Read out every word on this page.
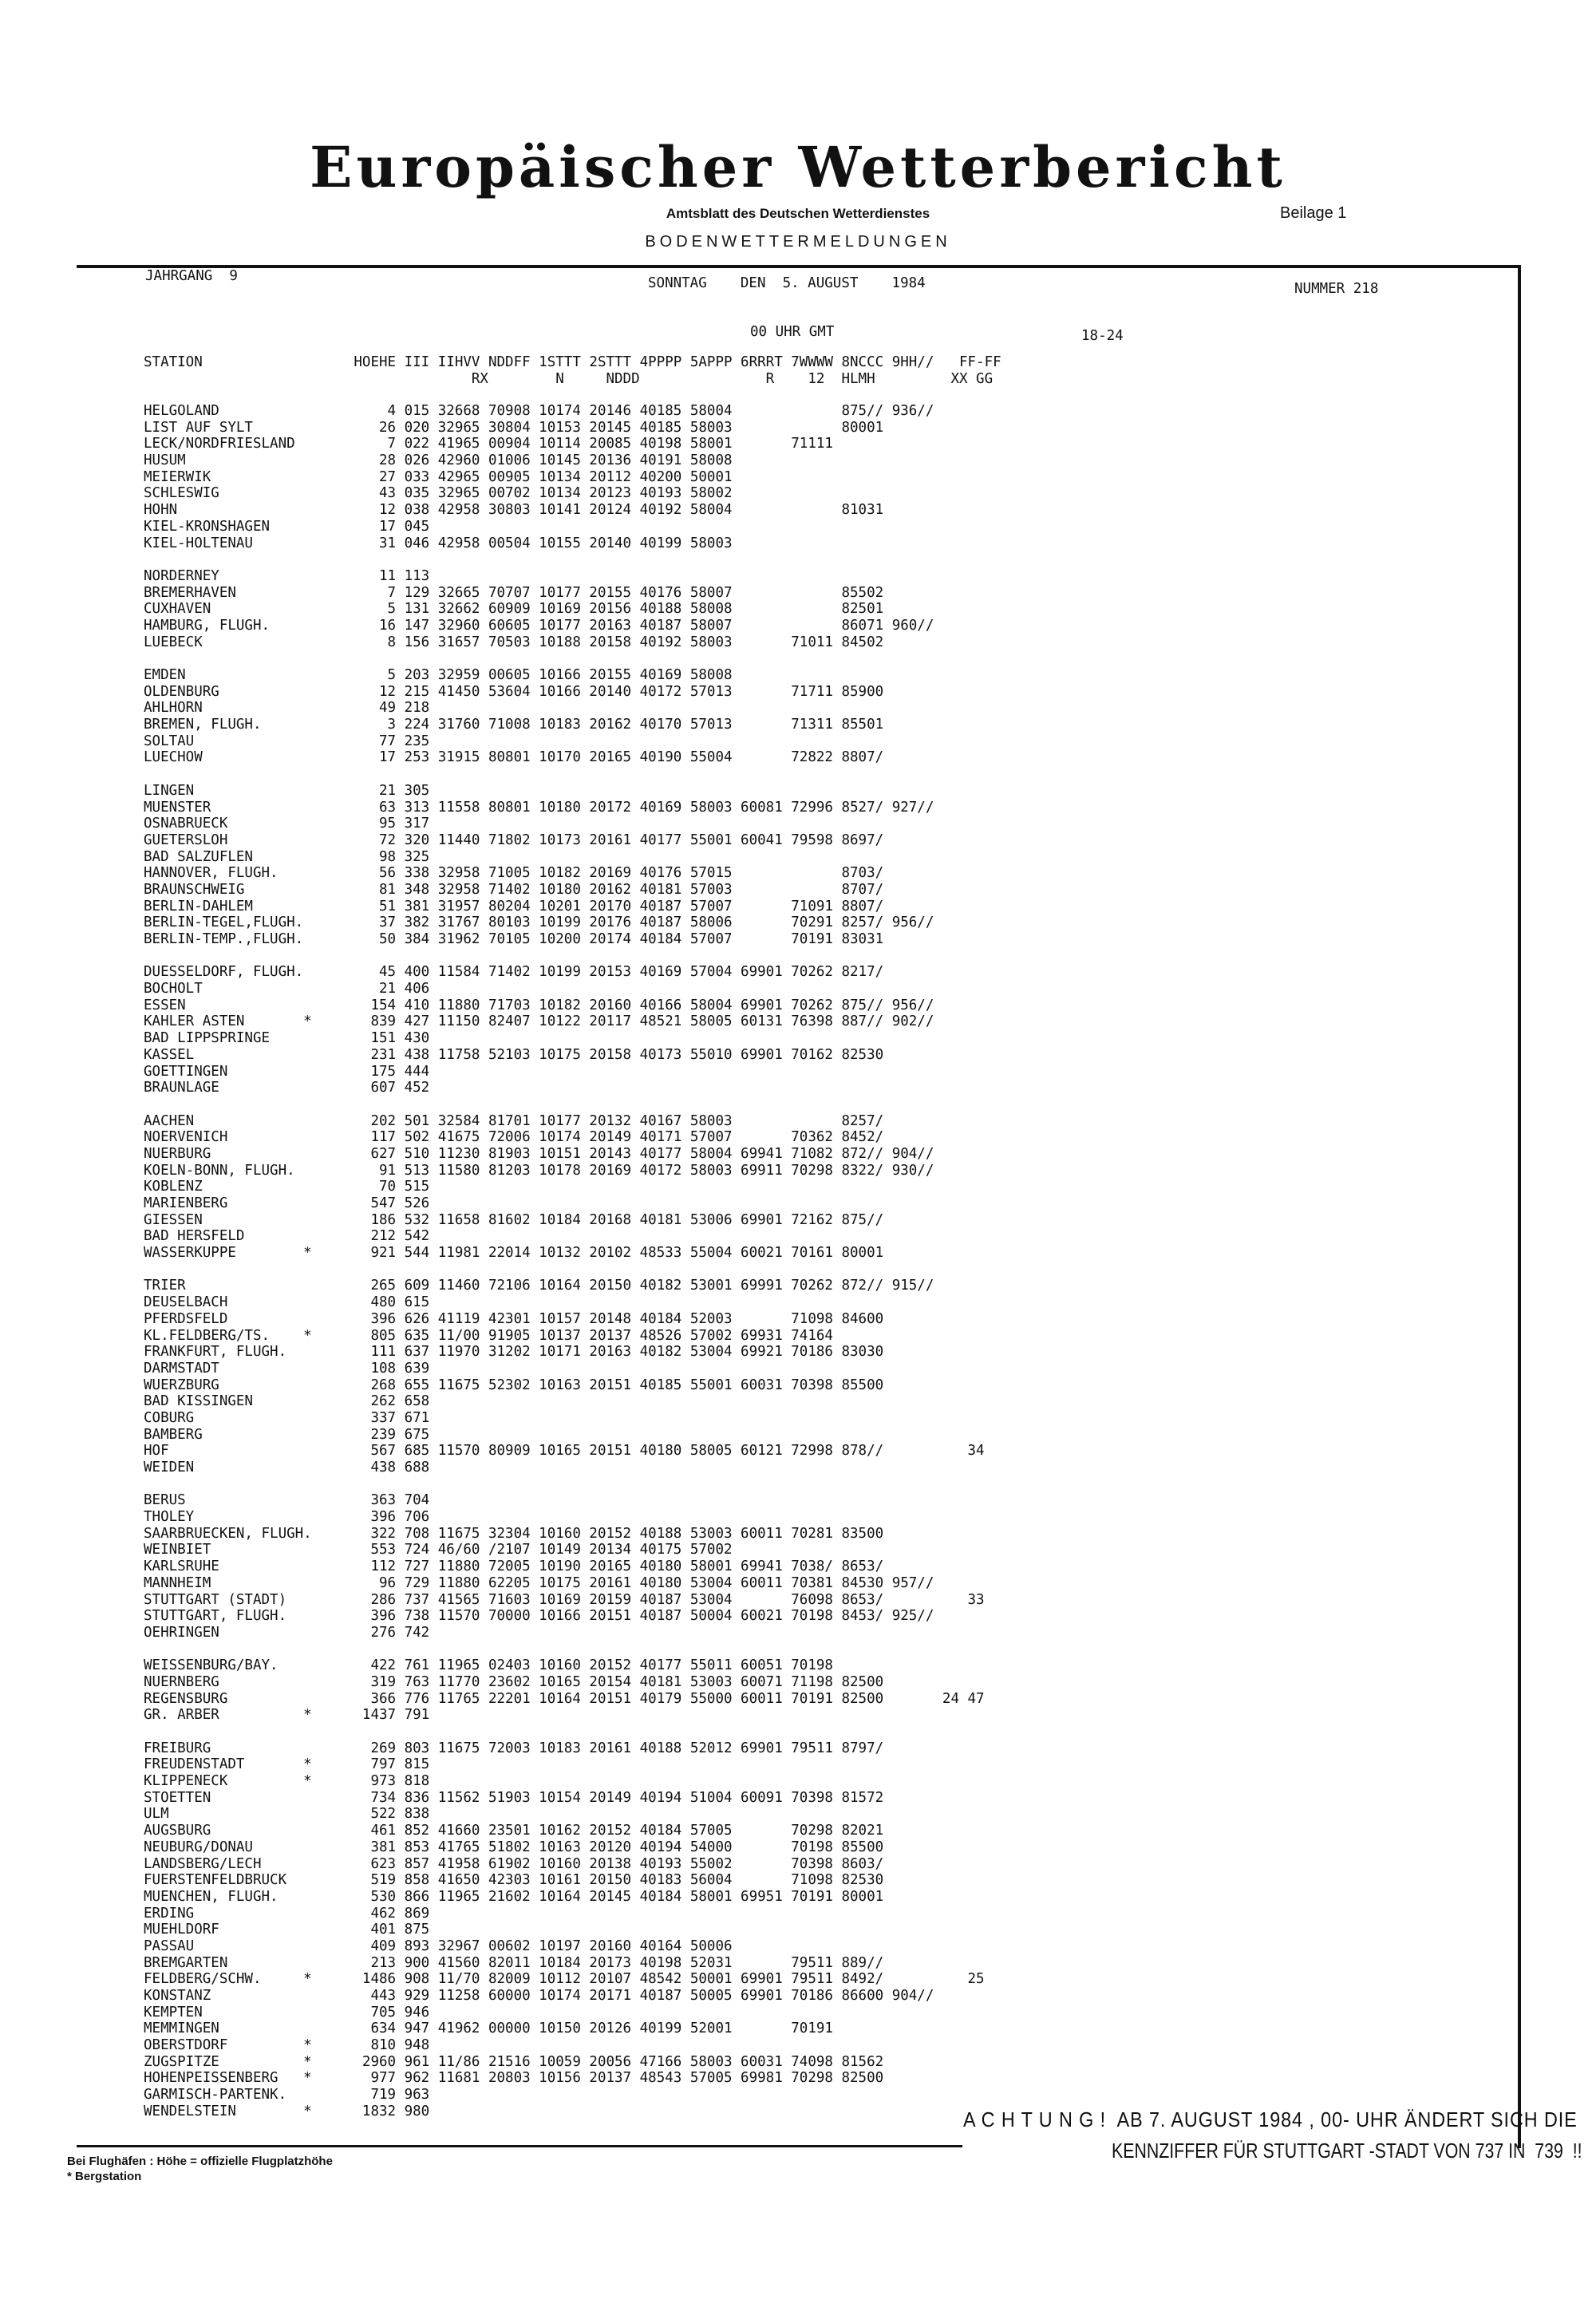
Europäischer Wetterbericht
Amtsblatt des Deutschen Wetterdienstes	Beilage 1
BODENWETTERMELDUNGEN
JAHRGANG  9	SONNTAG    DEN  5. AUGUST    1984	NUMMER 218
00 UHR GMT	18-24
STATION                  HOEHE III IIHVV NDDFF 1STTT 2STTT 4PPPP 5APPP 6RRRT 7WWWW 8NCCC 9HH//   FF-FF
RX        N     NDDD               R    12  HLMH         XX GG
HELGOLAND                    4 015 32668 70908 10174 20146 40185 58004             875// 936//
LIST AUF SYLT               26 020 32965 30804 10153 20145 40185 58003             80001
LECK/NORDFRIESLAND           7 022 41965 00904 10114 20085 40198 58001       71111
HUSUM                       28 026 42960 01006 10145 20136 40191 58008
MEIERWIK                    27 033 42965 00905 10134 20112 40200 50001
SCHLESWIG                   43 035 32965 00702 10134 20123 40193 58002
HOHN                        12 038 42958 30803 10141 20124 40192 58004             81031
KIEL-KRONSHAGEN             17 045
KIEL-HOLTENAU               31 046 42958 00504 10155 20140 40199 58003
NORDERNEY                   11 113
BREMERHAVEN                  7 129 32665 70707 10177 20155 40176 58007             85502
CUXHAVEN                     5 131 32662 60909 10169 20156 40188 58008             82501
HAMBURG, FLUGH.             16 147 32960 60605 10177 20163 40187 58007             86071 960//
LUEBECK                      8 156 31657 70503 10188 20158 40192 58003       71011 84502
EMDEN                        5 203 32959 00605 10166 20155 40169 58008
OLDENBURG                   12 215 41450 53604 10166 20140 40172 57013       71711 85900
AHLHORN                     49 218
BREMEN, FLUGH.               3 224 31760 71008 10183 20162 40170 57013       71311 85501
SOLTAU                      77 235
LUECHOW                     17 253 31915 80801 10170 20165 40190 55004       72822 8807/
LINGEN                      21 305
MUENSTER                    63 313 11558 80801 10180 20172 40169 58003 60081 72996 8527/ 927//
OSNABRUECK                  95 317
GUETERSLOH                  72 320 11440 71802 10173 20161 40177 55001 60041 79598 8697/
BAD SALZUFLEN               98 325
HANNOVER, FLUGH.            56 338 32958 71005 10182 20169 40176 57015             8703/
BRAUNSCHWEIG                81 348 32958 71402 10180 20162 40181 57003             8707/
BERLIN-DAHLEM               51 381 31957 80204 10201 20170 40187 57007       71091 8807/
BERLIN-TEGEL,FLUGH.         37 382 31767 80103 10199 20176 40187 58006       70291 8257/ 956//
BERLIN-TEMP.,FLUGH.         50 384 31962 70105 10200 20174 40184 57007       70191 83031
DUESSELDORF, FLUGH.         45 400 11584 71402 10199 20153 40169 57004 69901 70262 8217/
BOCHOLT                     21 406
ESSEN                      154 410 11880 71703 10182 20160 40166 58004 69901 70262 875// 956//
KAHLER ASTEN       *       839 427 11150 82407 10122 20117 48521 58005 60131 76398 887// 902//
BAD LIPPSPRINGE            151 430
KASSEL                     231 438 11758 52103 10175 20158 40173 55010 69901 70162 82530
GOETTINGEN                 175 444
BRAUNLAGE                  607 452
AACHEN                     202 501 32584 81701 10177 20132 40167 58003             8257/
NOERVENICH                 117 502 41675 72006 10174 20149 40171 57007       70362 8452/
NUERBURG                   627 510 11230 81903 10151 20143 40177 58004 69941 71082 872// 904//
KOELN-BONN, FLUGH.          91 513 11580 81203 10178 20169 40172 58003 69911 70298 8322/ 930//
KOBLENZ                     70 515
MARIENBERG                 547 526
GIESSEN                    186 532 11658 81602 10184 20168 40181 53006 69901 72162 875//
BAD HERSFELD               212 542
WASSERKUPPE        *       921 544 11981 22014 10132 20102 48533 55004 60021 70161 80001
TRIER                      265 609 11460 72106 10164 20150 40182 53001 69991 70262 872// 915//
DEUSELBACH                 480 615
PFERDSFELD                 396 626 41119 42301 10157 20148 40184 52003       71098 84600
KL.FELDBERG/TS.    *       805 635 11/00 91905 10137 20137 48526 57002 69931 74164
FRANKFURT, FLUGH.          111 637 11970 31202 10171 20163 40182 53004 69921 70186 83030
DARMSTADT                  108 639
WUERZBURG                  268 655 11675 52302 10163 20151 40185 55001 60031 70398 85500
BAD KISSINGEN              262 658
COBURG                     337 671
BAMBERG                    239 675
HOF                        567 685 11570 80909 10165 20151 40180 58005 60121 72998 878//          34
WEIDEN                     438 688
BERUS                      363 704
THOLEY                     396 706
SAARBRUECKEN, FLUGH.       322 708 11675 32304 10160 20152 40188 53003 60011 70281 83500
WEINBIET                   553 724 46/60 /2107 10149 20134 40175 57002
KARLSRUHE                  112 727 11880 72005 10190 20165 40180 58001 69941 7038/ 8653/
MANNHEIM                    96 729 11880 62205 10175 20161 40180 53004 60011 70381 84530 957//
STUTTGART (STADT)          286 737 41565 71603 10169 20159 40187 53004       76098 8653/          33
STUTTGART, FLUGH.          396 738 11570 70000 10166 20151 40187 50004 60021 70198 8453/ 925//
OEHRINGEN                  276 742
WEISSENBURG/BAY.           422 761 11965 02403 10160 20152 40177 55011 60051 70198
NUERNBERG                  319 763 11770 23602 10165 20154 40181 53003 60071 71198 82500
REGENSBURG                 366 776 11765 22201 10164 20151 40179 55000 60011 70191 82500       24 47
GR. ARBER          *      1437 791
FREIBURG                   269 803 11675 72003 10183 20161 40188 52012 69901 79511 8797/
FREUDENSTADT       *       797 815
KLIPPENECK         *       973 818
STOETTEN                   734 836 11562 51903 10154 20149 40194 51004 60091 70398 81572
ULM                        522 838
AUGSBURG                   461 852 41660 23501 10162 20152 40184 57005       70298 82021
NEUBURG/DONAU              381 853 41765 51802 10163 20120 40194 54000       70198 85500
LANDSBERG/LECH             623 857 41958 61902 10160 20138 40193 55002       70398 8603/
FUERSTENFELDBRUCK          519 858 41650 42303 10161 20150 40183 56004       71098 82530
MUENCHEN, FLUGH.           530 866 11965 21602 10164 20145 40184 58001 69951 70191 80001
ERDING                     462 869
MUEHLDORF                  401 875
PASSAU                     409 893 32967 00602 10197 20160 40164 50006
BREMGARTEN                 213 900 41560 82011 10184 20173 40198 52031       79511 889//
FELDBERG/SCHW.     *      1486 908 11/70 82009 10112 20107 48542 50001 69901 79511 8492/          25
KONSTANZ                   443 929 11258 60000 10174 20171 40187 50005 69901 70186 86600 904//
KEMPTEN                    705 946
MEMMINGEN                  634 947 41962 00000 10150 20126 40199 52001       70191
OBERSTDORF         *       810 948
ZUGSPITZE          *      2960 961 11/86 21516 10059 20056 47166 58003 60031 74098 81562
HOHENPEISSENBERG   *       977 962 11681 20803 10156 20137 48543 57005 69981 70298 82500
GARMISCH-PARTENK.          719 963
WENDELSTEIN        *      1832 980	A C H T U N G !  AB 7. AUGUST 1984 , 00- UHR ÄNDERT SICH DIE
KENNZIFFER FÜR STUTTGART -STADT VON 737 IN  739  !!
Bei Flughäfen : Höhe = offizielle Flugplatzhöhe
* Bergstation
